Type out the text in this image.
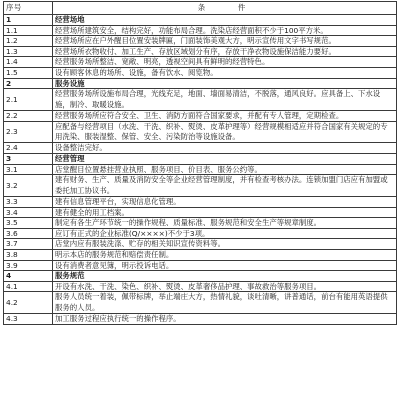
序号	条　　件
1	经营场地
1.1	经营场所建筑安全，结构完好，功能布局合理。洗染店经营面积不少于100平方米。
1.2	经营场所应在户外醒目位置安装牌匾，门面装饰美观大方，明示宣传用文字书写规范。
1.3	经营场所衣物收付、加工生产、存放区域划分有序，存放干净衣物设施保洁能力要好。
1.4	经营服务场所整洁、宽敞、明亮，透视空间具有鲜明的经营特色。
1.5	设有顾客休息的场所、设施，备有饮水、阅览物。
2	服务设施
2.1	经营服务场所设施布局合理，光线充足，地面、墙面易清洁，不脱落，通风良好。应具备上、下水设施，制冷、取暖设施。
2.2	经营服务场所应符合安全、卫生、消防方面符合国家要求，并配有专人管理，定期检查。
2.3	应配备与经营项目（水洗、干洗、织补、熨烫、皮革护理等）经营规模相适应并符合国家有关规定的专用洗染、服装湿整、保管、安全、污染防治等设施设备。
2.4	设备整洁完好。
3	经营管理
3.1	店堂醒目位置悬挂营业执照、服务项目、价目表、服务公约等。
3.2	建有财务、生产、质量及消防安全等企业经营管理制度，并有检查考核办法。连锁加盟门店应有加盟或委托加工协议书。
3.3	建有信息管理平台，实现信息化管理。
3.4	建有健全的用工档案。
3.5	制定有各生产环节统一的操作规程、质量标准、服务规范和安全生产等规章制度。
3.6	应订有正式的企业标准(Q/××××)不少于3项。
3.7	店堂内应有服装洗涤、贮存的相关知识宣传资料等。
3.8	明示本店的服务规范和赔偿责任制。
3.9	设有消费者意见簿，明示投诉电话。
4	服务规范
4.1	开设有水洗、干洗、染色、织补、熨烫、皮革奢侈品护理、事故救治等服务项目。
4.2	服务人员统一着装，佩带标牌，举止端庄大方，热情礼貌，谈吐清晰，讲普通话，前台有能用英语提供服务的人员。
4.3	加工服务过程应执行统一的操作程序。
